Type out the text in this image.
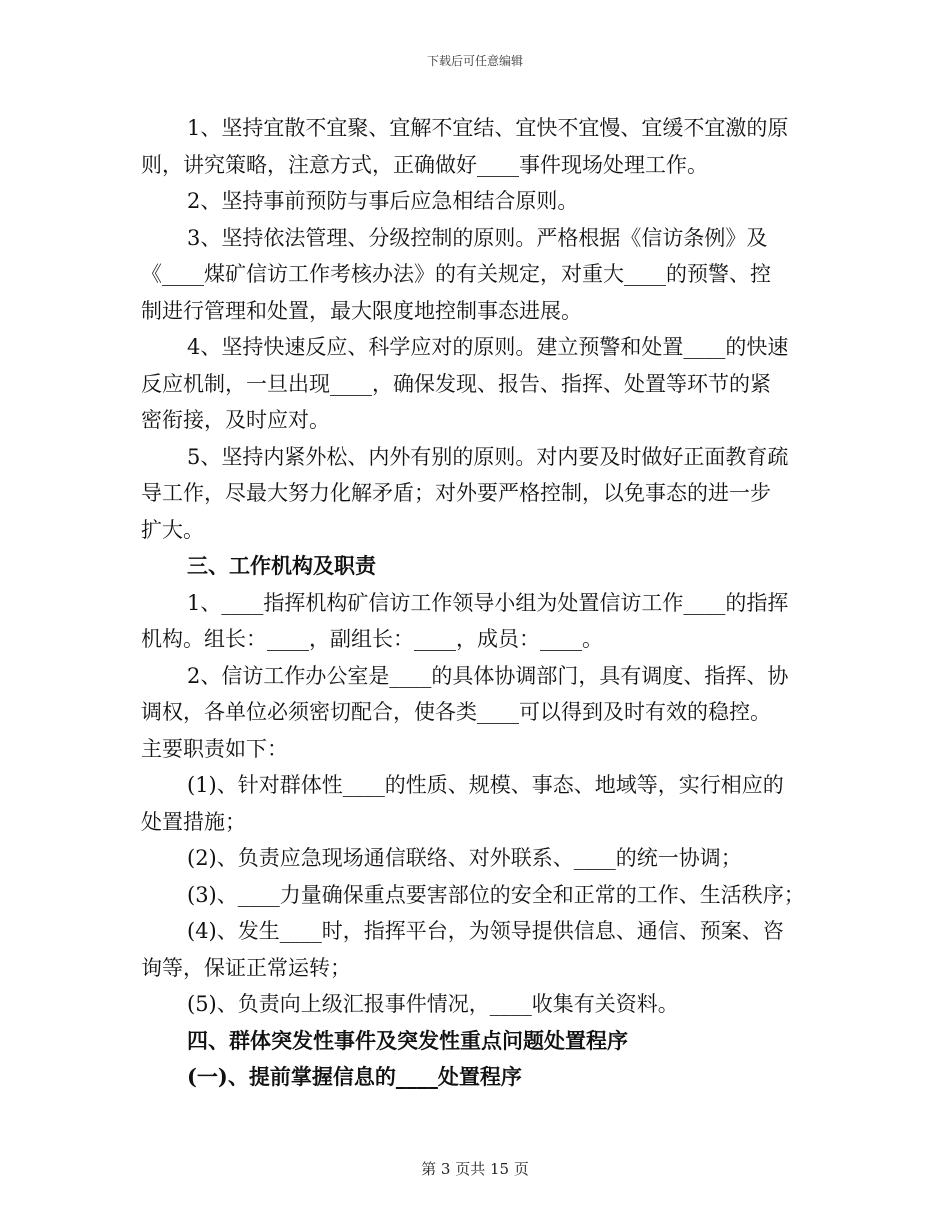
下载后可任意编辑
1、坚持宜散不宜聚、宜解不宜结、宜快不宜慢、宜缓不宜激的原
则，讲究策略，注意方式，正确做好____事件现场处理工作。
2、坚持事前预防与事后应急相结合原则。
3、坚持依法管理、分级控制的原则。严格根据《信访条例》及
《____煤矿信访工作考核办法》的有关规定，对重大____的预警、控
制进行管理和处置，最大限度地控制事态进展。
4、坚持快速反应、科学应对的原则。建立预警和处置____的快速
反应机制，一旦出现____，确保发现、报告、指挥、处置等环节的紧
密衔接，及时应对。
5、坚持内紧外松、内外有别的原则。对内要及时做好正面教育疏
导工作，尽最大努力化解矛盾；对外要严格控制，以免事态的进一步
扩大。
三、工作机构及职责
1、____指挥机构矿信访工作领导小组为处置信访工作____的指挥
机构。组长：____，副组长：____，成员：____。
2、信访工作办公室是____的具体协调部门，具有调度、指挥、协
调权，各单位必须密切配合，使各类____可以得到及时有效的稳控。
主要职责如下：
(1)、针对群体性____的性质、规模、事态、地域等，实行相应的
处置措施；
(2)、负责应急现场通信联络、对外联系、____的统一协调；
(3)、____力量确保重点要害部位的安全和正常的工作、生活秩序；
(4)、发生____时，指挥平台，为领导提供信息、通信、预案、咨
询等，保证正常运转；
(5)、负责向上级汇报事件情况，____收集有关资料。
四、群体突发性事件及突发性重点问题处置程序
(一)、提前掌握信息的____处置程序
第 3 页共 15 页
